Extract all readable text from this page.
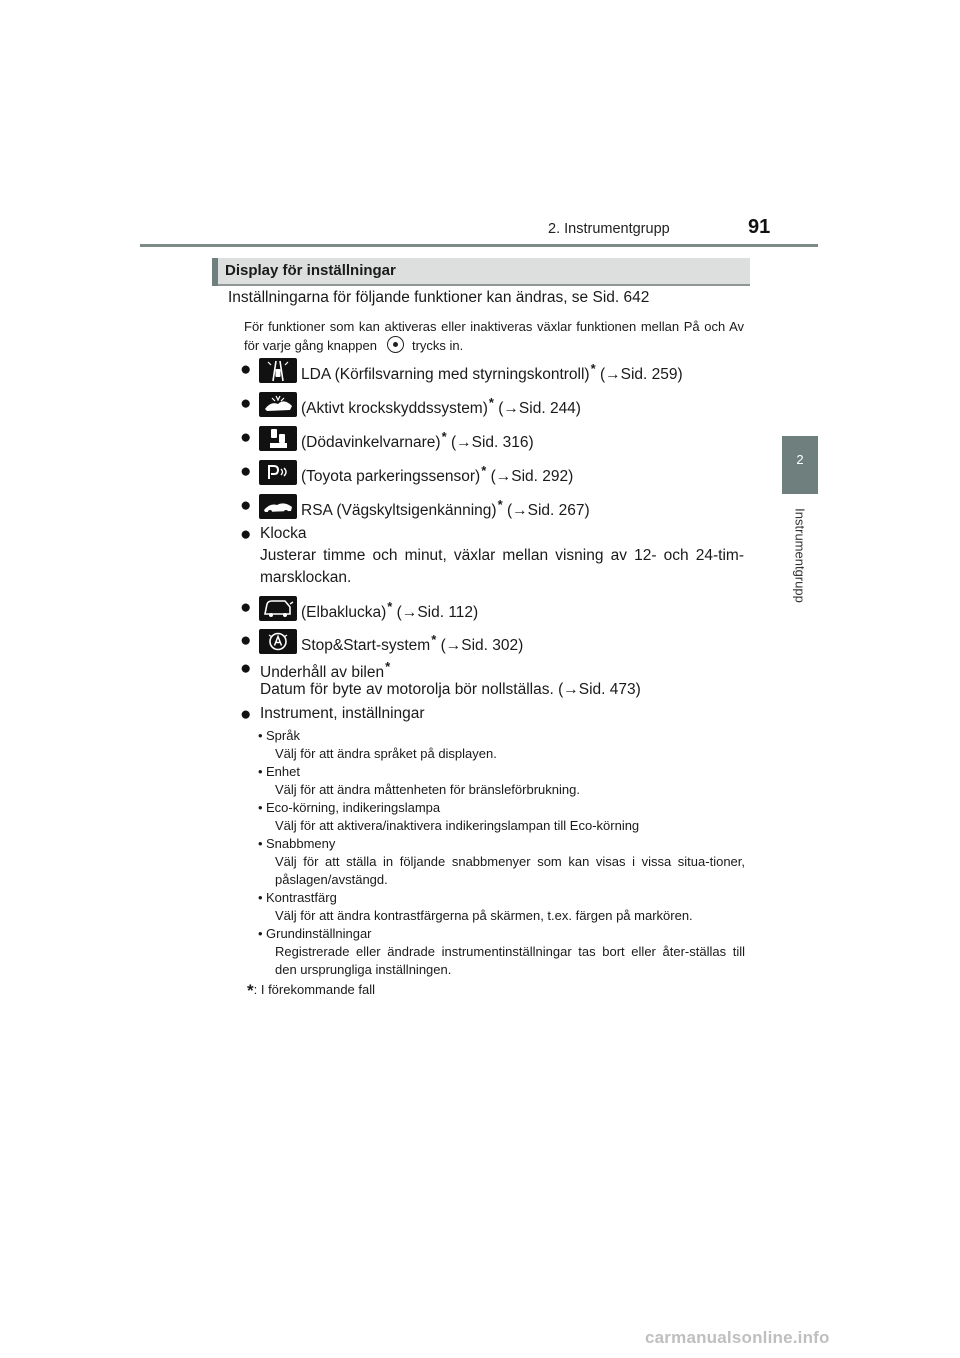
2. Instrumentgrupp	91
2
Instrumentgrupp
Display för inställningar
Inställningarna för följande funktioner kan ändras, se Sid. 642
För funktioner som kan aktiveras eller inaktiveras växlar funktionen mellan På och Av för varje gång knappen	trycks in.
●	LDA (Körfilsvarning med styrningskontroll)* (→Sid. 259)
●	(Aktivt krockskyddssystem)* (→Sid. 244)
●	(Dödavinkelvarnare)* (→Sid. 316)
●	(Toyota parkeringssensor)* (→Sid. 292)
●	RSA (Vägskyltsigenkänning)* (→Sid. 267)
● Klocka
Justerar timme och minut, växlar mellan visning av 12- och 24-tim-marsklockan.
●	(Elbaklucka)* (→Sid. 112)
●	Stop&Start-system* (→Sid. 302)
● Underhåll av bilen*
Datum för byte av motorolja bör nollställas. (→Sid. 473)
● Instrument, inställningar
• Språk
Välj för att ändra språket på displayen.
• Enhet
Välj för att ändra måttenheten för bränsleförbrukning.
• Eco-körning, indikeringslampa
Välj för att aktivera/inaktivera indikeringslampan till Eco-körning
• Snabbmeny
Välj för att ställa in följande snabbmenyer som kan visas i vissa situa-tioner, påslagen/avstängd.
• Kontrastfärg
Välj för att ändra kontrastfärgerna på skärmen, t.ex. färgen på markören.
• Grundinställningar
Registrerade eller ändrade instrumentinställningar tas bort eller åter-ställas till den ursprungliga inställningen.
*: I förekommande fall
carmanualsonline.info
